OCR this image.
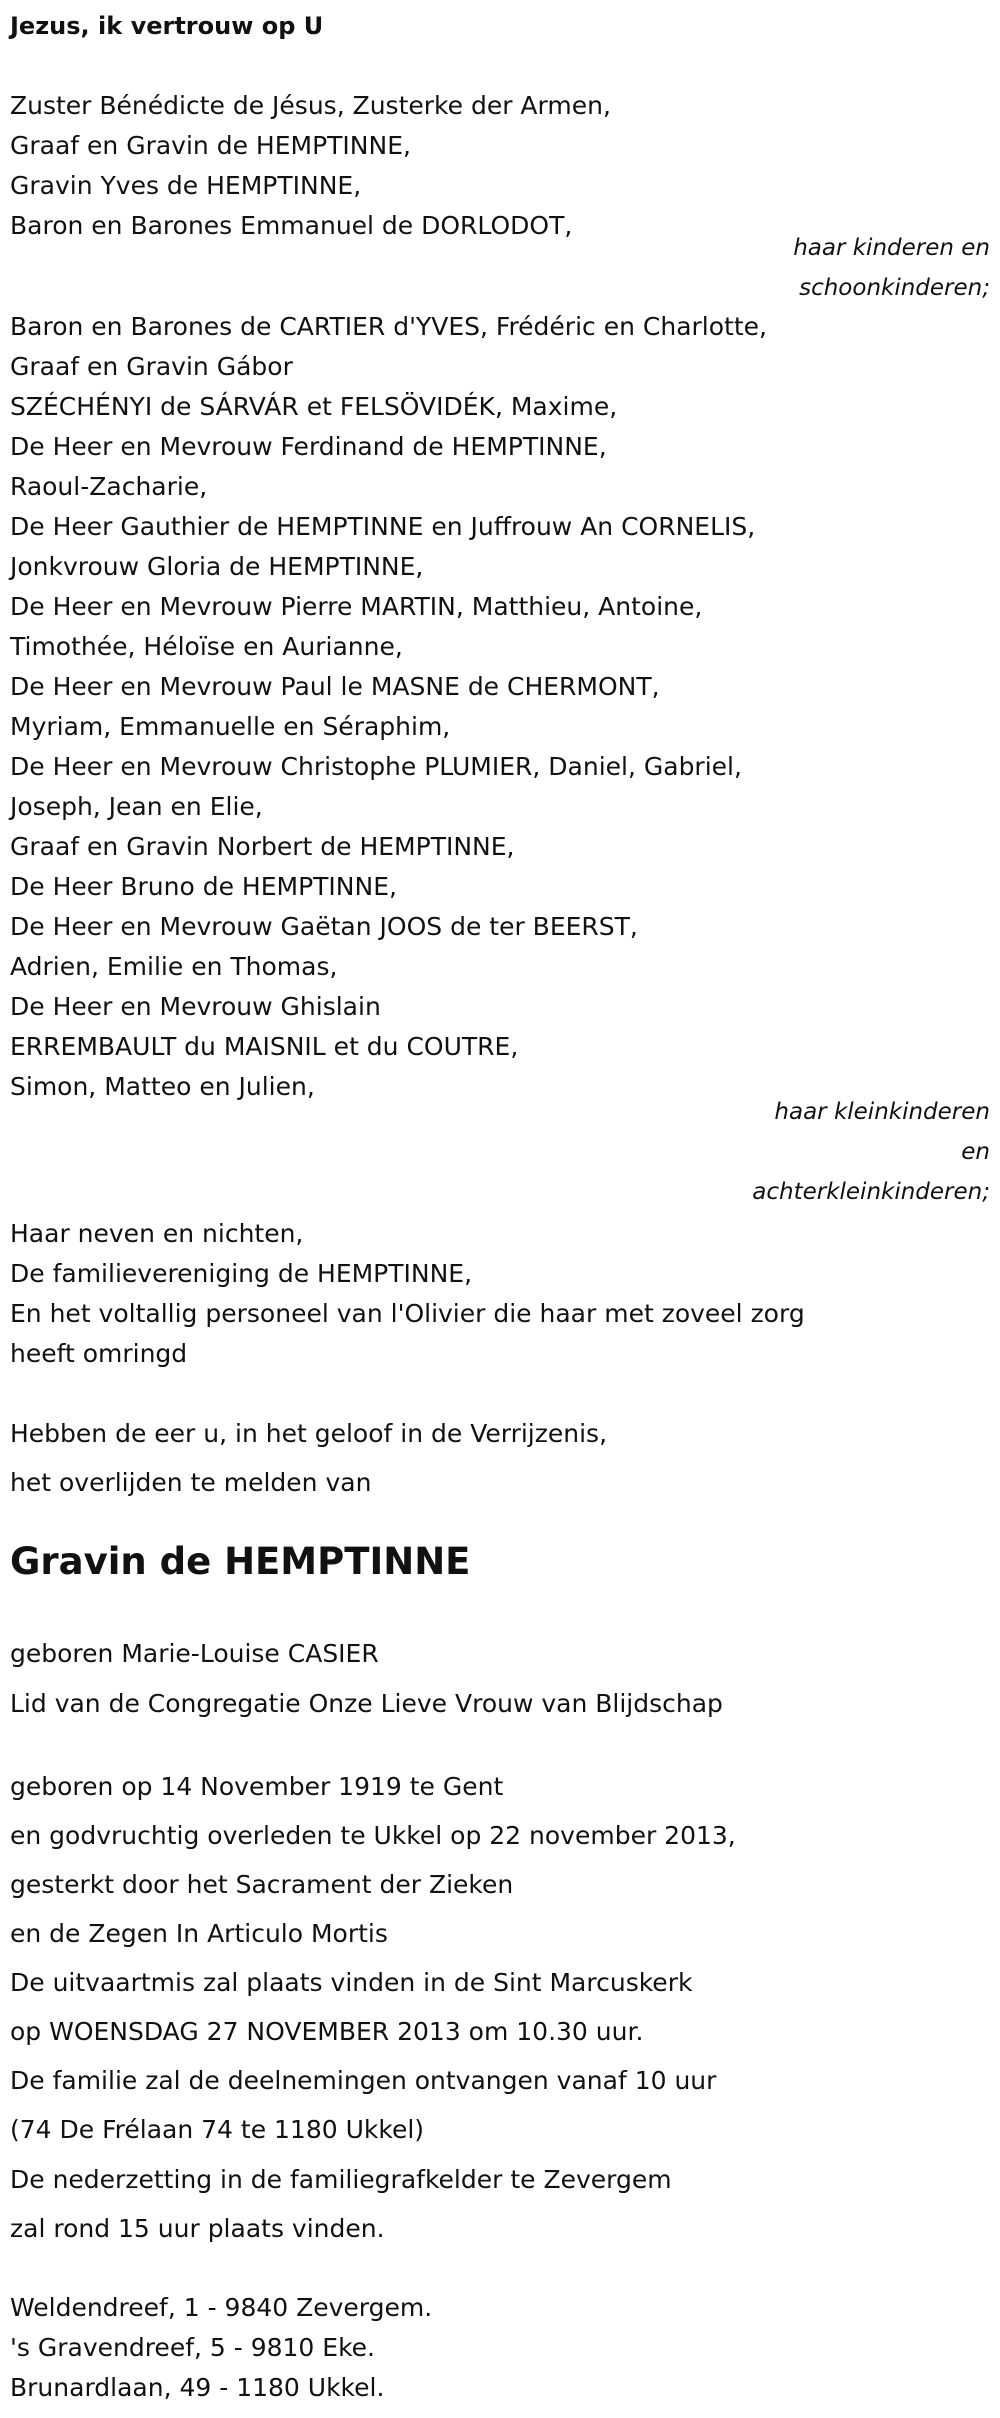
Jezus, ik vertrouw op U
Zuster Bénédicte de Jésus, Zusterke der Armen,
Graaf en Gravin de HEMPTINNE,
Gravin Yves de HEMPTINNE,
Baron en Barones Emmanuel de DORLODOT,
haar kinderen en
schoonkinderen;
Baron en Barones de CARTIER d'YVES, Frédéric en Charlotte,
Graaf en Gravin Gábor
SZÉCHÉNYI de SÁRVÁR et FELSÖVIDÉK, Maxime,
De Heer en Mevrouw Ferdinand de HEMPTINNE,
Raoul-Zacharie,
De Heer Gauthier de HEMPTINNE en Juffrouw An CORNELIS,
Jonkvrouw Gloria de HEMPTINNE,
De Heer en Mevrouw Pierre MARTIN, Matthieu, Antoine,
Timothée, Héloïse en Aurianne,
De Heer en Mevrouw Paul le MASNE de CHERMONT,
Myriam, Emmanuelle en Séraphim,
De Heer en Mevrouw Christophe PLUMIER, Daniel, Gabriel,
Joseph, Jean en Elie,
Graaf en Gravin Norbert de HEMPTINNE,
De Heer Bruno de HEMPTINNE,
De Heer en Mevrouw Gaëtan JOOS de ter BEERST,
Adrien, Emilie en Thomas,
De Heer en Mevrouw Ghislain
ERREMBAULT du MAISNIL et du COUTRE,
Simon, Matteo en Julien,
haar kleinkinderen
en
achterkleinkinderen;
Haar neven en nichten,
De familievereniging de HEMPTINNE,
En het voltallig personeel van l'Olivier die haar met zoveel zorg
heeft omringd
Hebben de eer u, in het geloof in de Verrijzenis,
het overlijden te melden van
Gravin de HEMPTINNE
geboren Marie-Louise CASIER
Lid van de Congregatie Onze Lieve Vrouw van Blijdschap
geboren op 14 November 1919 te Gent
en godvruchtig overleden te Ukkel op 22 november 2013,
gesterkt door het Sacrament der Zieken
en de Zegen In Articulo Mortis
De uitvaartmis zal plaats vinden in de Sint Marcuskerk
op WOENSDAG 27 NOVEMBER 2013 om 10.30 uur.
De familie zal de deelnemingen ontvangen vanaf 10 uur
(74 De Frélaan 74 te 1180 Ukkel)
De nederzetting in de familiegrafkelder te Zevergem
zal rond 15 uur plaats vinden.
Weldendreef, 1 - 9840 Zevergem.
's Gravendreef, 5 - 9810 Eke.
Brunardlaan, 49 - 1180 Ukkel.
